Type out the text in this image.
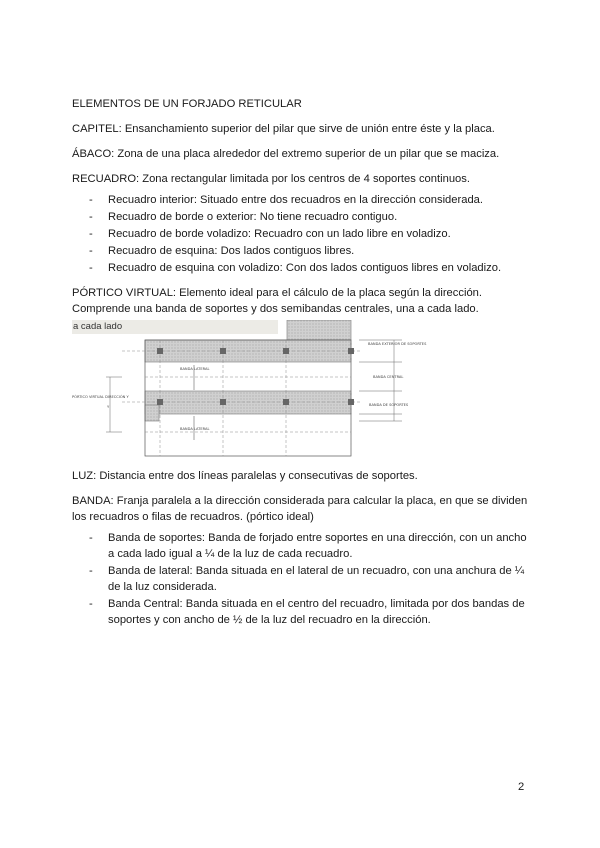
ELEMENTOS DE UN FORJADO RETICULAR

CAPITEL: Ensanchamiento superior del pilar que sirve de unión entre éste y la placa.

ÁBACO: Zona de una placa alrededor del extremo superior de un pilar que se maciza.

RECUADRO: Zona rectangular limitada por los centros de 4 soportes continuos.

- Recuadro interior: Situado entre dos recuadros en la dirección considerada.
- Recuadro de borde o exterior: No tiene recuadro contiguo.
- Recuadro de borde voladizo: Recuadro con un lado libre en voladizo.
- Recuadro de esquina: Dos lados contiguos libres.
- Recuadro de esquina con voladizo: Con dos lados contiguos libres en voladizo.

PÓRTICO VIRTUAL: Elemento ideal para el cálculo de la placa según la dirección.
Comprende una banda de soportes y dos semibandas centrales, una a cada lado.

a cada lado
BANDA EXTERIOR DE SOPORTES
BANDA CENTRAL
BANDA DE SOPORTES
PÓRTICO VIRTUAL DIRECCIÓN Y
Y
BANDA LATERAL
BANDA LATERAL

LUZ: Distancia entre dos líneas paralelas y consecutivas de soportes.

BANDA: Franja paralela a la dirección considerada para calcular la placa, en que se dividen los recuadros o filas de recuadros. (pórtico ideal)

- Banda de soportes: Banda de forjado entre soportes en una dirección, con un ancho a cada lado igual a ¼ de la luz de cada recuadro.
- Banda de lateral: Banda situada en el lateral de un recuadro, con una anchura de ¼ de la luz considerada.
- Banda Central: Banda situada en el centro del recuadro, limitada por dos bandas de soportes y con ancho de ½ de la luz del recuadro en la dirección.
2
